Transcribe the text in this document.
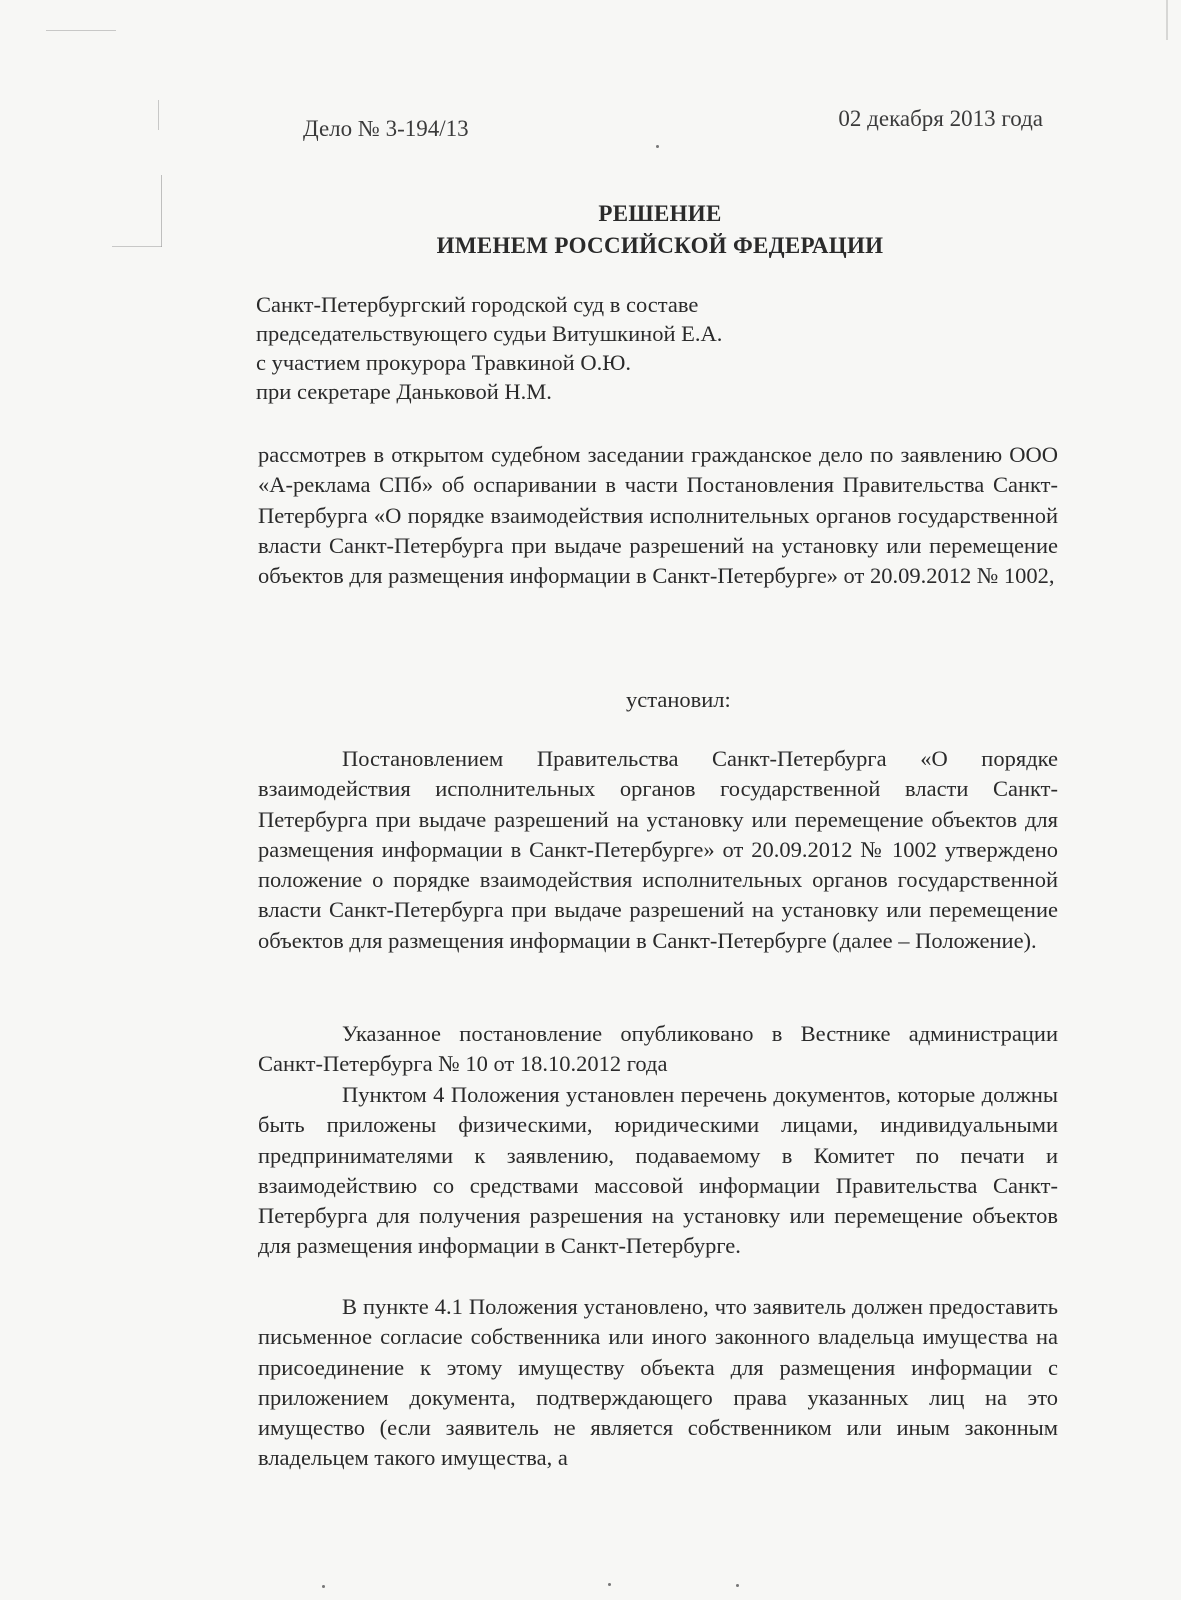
Дело № 3-194/13	02 декабря 2013 года
РЕШЕНИЕ
ИМЕНЕМ РОССИЙСКОЙ ФЕДЕРАЦИИ
Санкт-Петербургский городской суд в составе
председательствующего судьи Витушкиной Е.А.
с участием прокурора Травкиной О.Ю.
при секретаре Даньковой Н.М.

рассмотрев в открытом судебном заседании гражданское дело по заявлению ООО «А-реклама СПб» об оспаривании в части Постановления Правительства Санкт-Петербурга «О порядке взаимодействия исполнительных органов государственной власти Санкт-Петербурга при выдаче разрешений на установку или перемещение объектов для размещения информации в Санкт-Петербурге» от 20.09.2012 № 1002,

установил:

Постановлением Правительства Санкт-Петербурга «О порядке взаимодействия исполнительных органов государственной власти Санкт-Петербурга при выдаче разрешений на установку или перемещение объектов для размещения информации в Санкт-Петербурге» от 20.09.2012 № 1002 утверждено положение о порядке взаимодействия исполнительных органов государственной власти Санкт-Петербурга при выдаче разрешений на установку или перемещение объектов для размещения информации в Санкт-Петербурге (далее – Положение).

Указанное постановление опубликовано в Вестнике администрации Санкт-Петербурга № 10 от 18.10.2012 года

Пунктом 4 Положения установлен перечень документов, которые должны быть приложены физическими, юридическими лицами, индивидуальными предпринимателями к заявлению, подаваемому в Комитет по печати и взаимодействию со средствами массовой информации Правительства Санкт-Петербурга для получения разрешения на установку или перемещение объектов для размещения информации в Санкт-Петербурге.

В пункте 4.1 Положения установлено, что заявитель должен предоставить письменное согласие собственника или иного законного владельца имущества на присоединение к этому имуществу объекта для размещения информации с приложением документа, подтверждающего права указанных лиц на это имущество (если заявитель не является собственником или иным законным владельцем такого имущества, а
